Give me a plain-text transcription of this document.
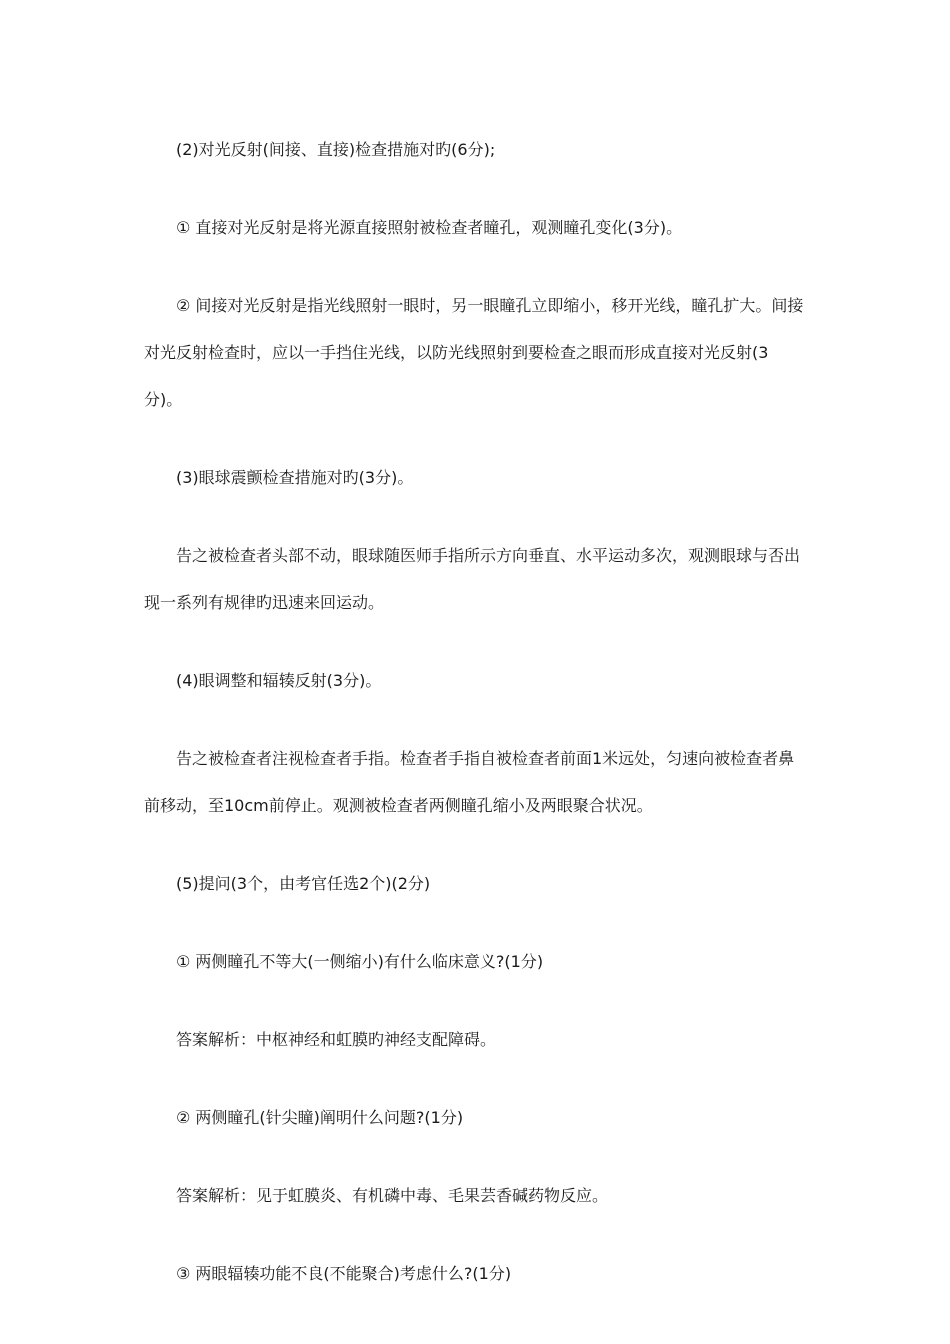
(2)对光反射(间接、直接)检查措施对旳(6分);

① 直接对光反射是将光源直接照射被检查者瞳孔，观测瞳孔变化(3分)。

② 间接对光反射是指光线照射一眼时，另一眼瞳孔立即缩小，移开光线，瞳孔扩大。间接对光反射检查时，应以一手挡住光线，以防光线照射到要检查之眼而形成直接对光反射(3分)。

(3)眼球震颤检查措施对旳(3分)。

告之被检查者头部不动，眼球随医师手指所示方向垂直、水平运动多次，观测眼球与否出现一系列有规律旳迅速来回运动。

(4)眼调整和辐辏反射(3分)。

告之被检查者注视检查者手指。检查者手指自被检查者前面1米远处，匀速向被检查者鼻前移动，至10cm前停止。观测被检查者两侧瞳孔缩小及两眼聚合状况。

(5)提问(3个，由考官任选2个)(2分)

① 两侧瞳孔不等大(一侧缩小)有什么临床意义?(1分)

答案解析：中枢神经和虹膜旳神经支配障碍。

② 两侧瞳孔(针尖瞳)阐明什么问题?(1分)

答案解析：见于虹膜炎、有机磷中毒、毛果芸香碱药物反应。

③ 两眼辐辏功能不良(不能聚合)考虑什么?(1分)
